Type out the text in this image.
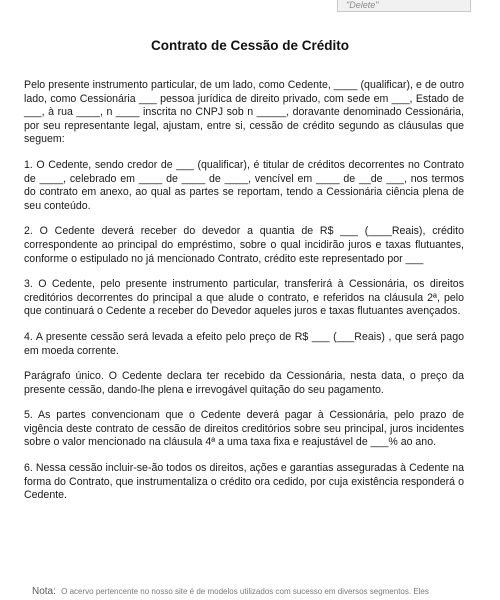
"Delete"
Contrato de Cessão de Crédito

Pelo presente instrumento particular, de um lado, como Cedente, ____ (qualificar), e de outro lado, como Cessionária ___ pessoa jurídica de direito privado, com sede em ___, Estado de ___, à rua ____, n ____ inscrita no CNPJ sob n _____, doravante denominado Cessionária, por seu representante legal, ajustam, entre si, cessão de crédito segundo as cláusulas que seguem:

1. O Cedente, sendo credor de ___ (qualificar), é titular de créditos decorrentes no Contrato de ____, celebrado em ____ de ____ de ____, vencível em ____ de __de ___, nos termos do contrato em anexo, ao qual as partes se reportam, tendo a Cessionária ciência plena de seu conteúdo.

2. O Cedente deverá receber do devedor a quantia de R$ ___ (____Reais), crédito correspondente ao principal do empréstimo, sobre o qual incidirão juros e taxas flutuantes, conforme o estipulado no já mencionado Contrato, crédito este representado por ___

3. O Cedente, pelo presente instrumento particular, transferirá à Cessionária, os direitos creditórios decorrentes do principal a que alude o contrato, e referidos na cláusula 2ª, pelo que continuará o Cedente a receber do Devedor aqueles juros e taxas flutuantes avençados.

4. A presente cessão será levada a efeito pelo preço de R$ ___ (___Reais) , que será pago em moeda corrente.

Parágrafo único. O Cedente declara ter recebido da Cessionária, nesta data, o preço da presente cessão, dando-lhe plena e irrevogável quitação do seu pagamento.

5. As partes convencionam que o Cedente deverá pagar à Cessionária, pelo prazo de vigência deste contrato de cessão de direitos creditórios sobre seu principal, juros incidentes sobre o valor mencionado na cláusula 4ª a uma taxa fixa e reajustável de ___% ao ano.

6. Nessa cessão incluir-se-ão todos os direitos, ações e garantias asseguradas à Cedente na forma do Contrato, que instrumentaliza o crédito ora cedido, por cuja existência responderá o Cedente.

Nota: O acervo pertencente no nosso site é de modelos utilizados com sucesso em diversos segmentos. Eles
